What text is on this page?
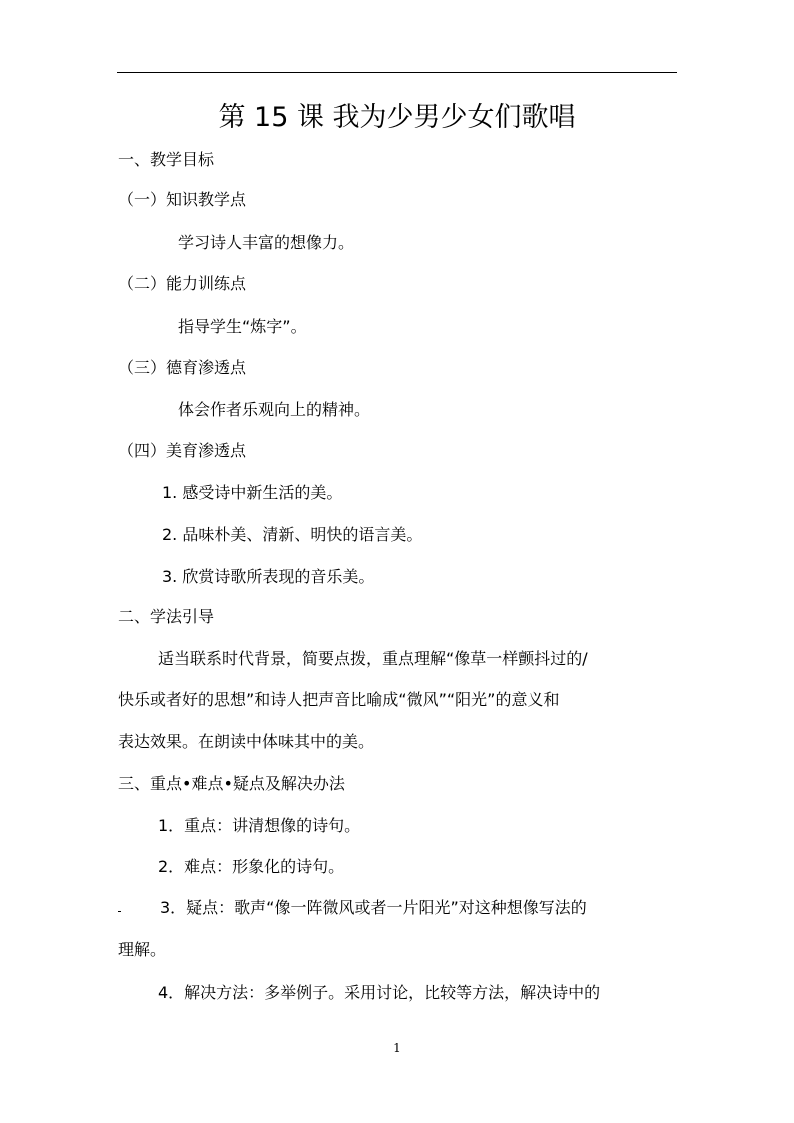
第 15 课 我为少男少女们歌唱
一、教学目标
（一）知识教学点
学习诗人丰富的想像力。
（二）能力训练点
指导学生“炼字”。
（三）德育渗透点
体会作者乐观向上的精神。
（四）美育渗透点
1. 感受诗中新生活的美。
2. 品味朴美、清新、明快的语言美。
3. 欣赏诗歌所表现的音乐美。
二、学法引导
适当联系时代背景，简要点拨，重点理解“像草一样颤抖过的/
快乐或者好的思想”和诗人把声音比喻成“微风”“阳光”的意义和
表达效果。在朗读中体味其中的美。
三、重点•难点•疑点及解决办法
1．重点：讲清想像的诗句。
2．难点：形象化的诗句。
3．疑点：歌声“像一阵微风或者一片阳光”对这种想像写法的
理解。
4．解决方法：多举例子。采用讨论，比较等方法，解决诗中的
1
